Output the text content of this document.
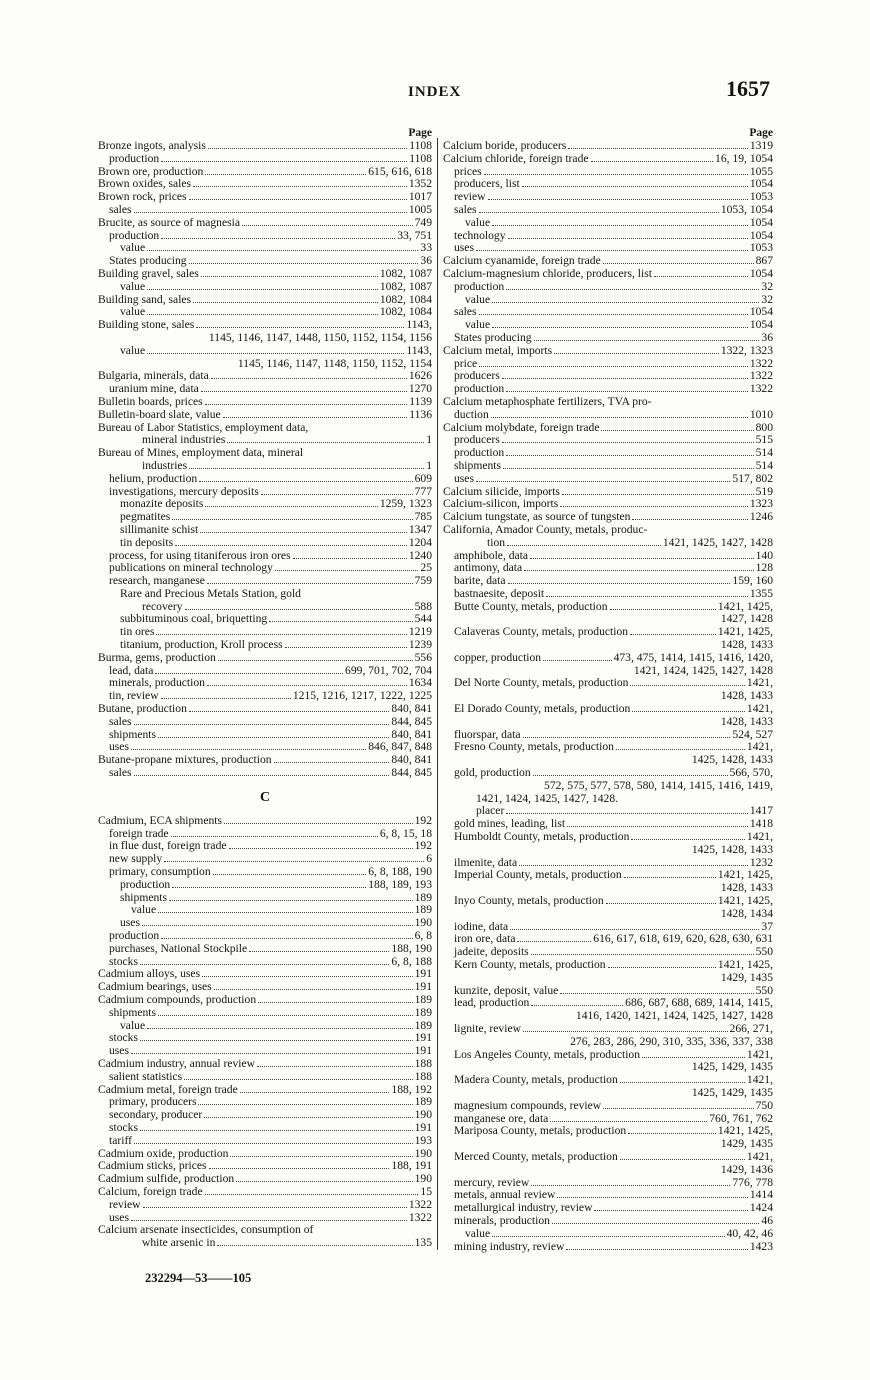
INDEX	1657
Page
Bronze ingots, analysis	1108
production	1108
Brown ore, production	615, 616, 618
Brown oxides, sales	1352
Brown rock, prices	1017
sales	1005
Brucite, as source of magnesia	749
production	33, 751
value	33
States producing	36
Building gravel, sales	1082, 1087
value	1082, 1087
Building sand, sales	1082, 1084
value	1082, 1084
Building stone, sales	1143,
1145, 1146, 1147, 1448, 1150, 1152, 1154, 1156
value	1143,
1145, 1146, 1147, 1148, 1150, 1152, 1154
Bulgaria, minerals, data	1626
uranium mine, data	1270
Bulletin boards, prices	1139
Bulletin-board slate, value	1136
Bureau of Labor Statistics, employment data,
mineral industries	1
Bureau of Mines, employment data, mineral
industries	1
helium, production	609
investigations, mercury deposits	777
monazite deposits	1259, 1323
pegmatites	785
sillimanite schist	1347
tin deposits	1204
process, for using titaniferous iron ores	1240
publications on mineral technology	25
research, manganese	759
Rare and Precious Metals Station, gold
recovery	588
subbituminous coal, briquetting	544
tin ores	1219
titanium, production, Kroll process	1239
Burma, gems, production	556
lead, data	699, 701, 702, 704
minerals, production	1634
tin, review	1215, 1216, 1217, 1222, 1225
Butane, production	840, 841
sales	844, 845
shipments	840, 841
uses	846, 847, 848
Butane-propane mixtures, production	840, 841
sales	844, 845
C
Cadmium, ECA shipments	192
foreign trade	6, 8, 15, 18
in flue dust, foreign trade	192
new supply	6
primary, consumption	6, 8, 188, 190
production	188, 189, 193
shipments	189
value	189
uses	190
production	6, 8
purchases, National Stockpile	188, 190
stocks	6, 8, 188
Cadmium alloys, uses	191
Cadmium bearings, uses	191
Cadmium compounds, production	189
shipments	189
value	189
stocks	191
uses	191
Cadmium industry, annual review	188
salient statistics	188
Cadmium metal, foreign trade	188, 192
primary, producers	189
secondary, producer	190
stocks	191
tariff	193
Cadmium oxide, production	190
Cadmium sticks, prices	188, 191
Cadmium sulfide, production	190
Calcium, foreign trade	15
review	1322
uses	1322
Calcium arsenate insecticides, consumption of
white arsenic in	135
Page
Calcium boride, producers	1319
Calcium chloride, foreign trade	16, 19, 1054
prices	1055
producers, list	1054
review	1053
sales	1053, 1054
value	1054
technology	1054
uses	1053
Calcium cyanamide, foreign trade	867
Calcium-magnesium chloride, producers, list	1054
production	32
value	32
sales	1054
value	1054
States producing	36
Calcium metal, imports	1322, 1323
price	1322
producers	1322
production	1322
Calcium metaphosphate fertilizers, TVA pro-
duction	1010
Calcium molybdate, foreign trade	800
producers	515
production	514
shipments	514
uses	517, 802
Calcium silicide, imports	519
Calcium-silicon, imports	1323
Calcium tungstate, as source of tungsten	1246
California, Amador County, metals, produc-
tion	1421, 1425, 1427, 1428
amphibole, data	140
antimony, data	128
barite, data	159, 160
bastnaesite, deposit	1355
Butte County, metals, production	1421, 1425,
1427, 1428
Calaveras County, metals, production	1421, 1425,
1428, 1433
copper, production	473, 475, 1414, 1415, 1416, 1420,
1421, 1424, 1425, 1427, 1428
Del Norte County, metals, production	1421,
1428, 1433
El Dorado County, metals, production	1421,
1428, 1433
fluorspar, data	524, 527
Fresno County, metals, production	1421,
1425, 1428, 1433
gold, production	566, 570,
572, 575, 577, 578, 580, 1414, 1415, 1416, 1419,
1421, 1424, 1425, 1427, 1428.
placer	1417
gold mines, leading, list	1418
Humboldt County, metals, production	1421,
1425, 1428, 1433
ilmenite, data	1232
Imperial County, metals, production	1421, 1425,
1428, 1433
Inyo County, metals, production	1421, 1425,
1428, 1434
iodine, data	37
iron ore, data	616, 617, 618, 619, 620, 628, 630, 631
jadeite, deposits	550
Kern County, metals, production	1421, 1425,
1429, 1435
kunzite, deposit, value	550
lead, production	686, 687, 688, 689, 1414, 1415,
1416, 1420, 1421, 1424, 1425, 1427, 1428
lignite, review	266, 271,
276, 283, 286, 290, 310, 335, 336, 337, 338
Los Angeles County, metals, production	1421,
1425, 1429, 1435
Madera County, metals, production	1421,
1425, 1429, 1435
magnesium compounds, review	750
manganese ore, data	760, 761, 762
Mariposa County, metals, production	1421, 1425,
1429, 1435
Merced County, metals, production	1421,
1429, 1436
mercury, review	776, 778
metals, annual review	1414
metallurgical industry, review	1424
minerals, production	46
value	40, 42, 46
mining industry, review	1423
232294—53——105
